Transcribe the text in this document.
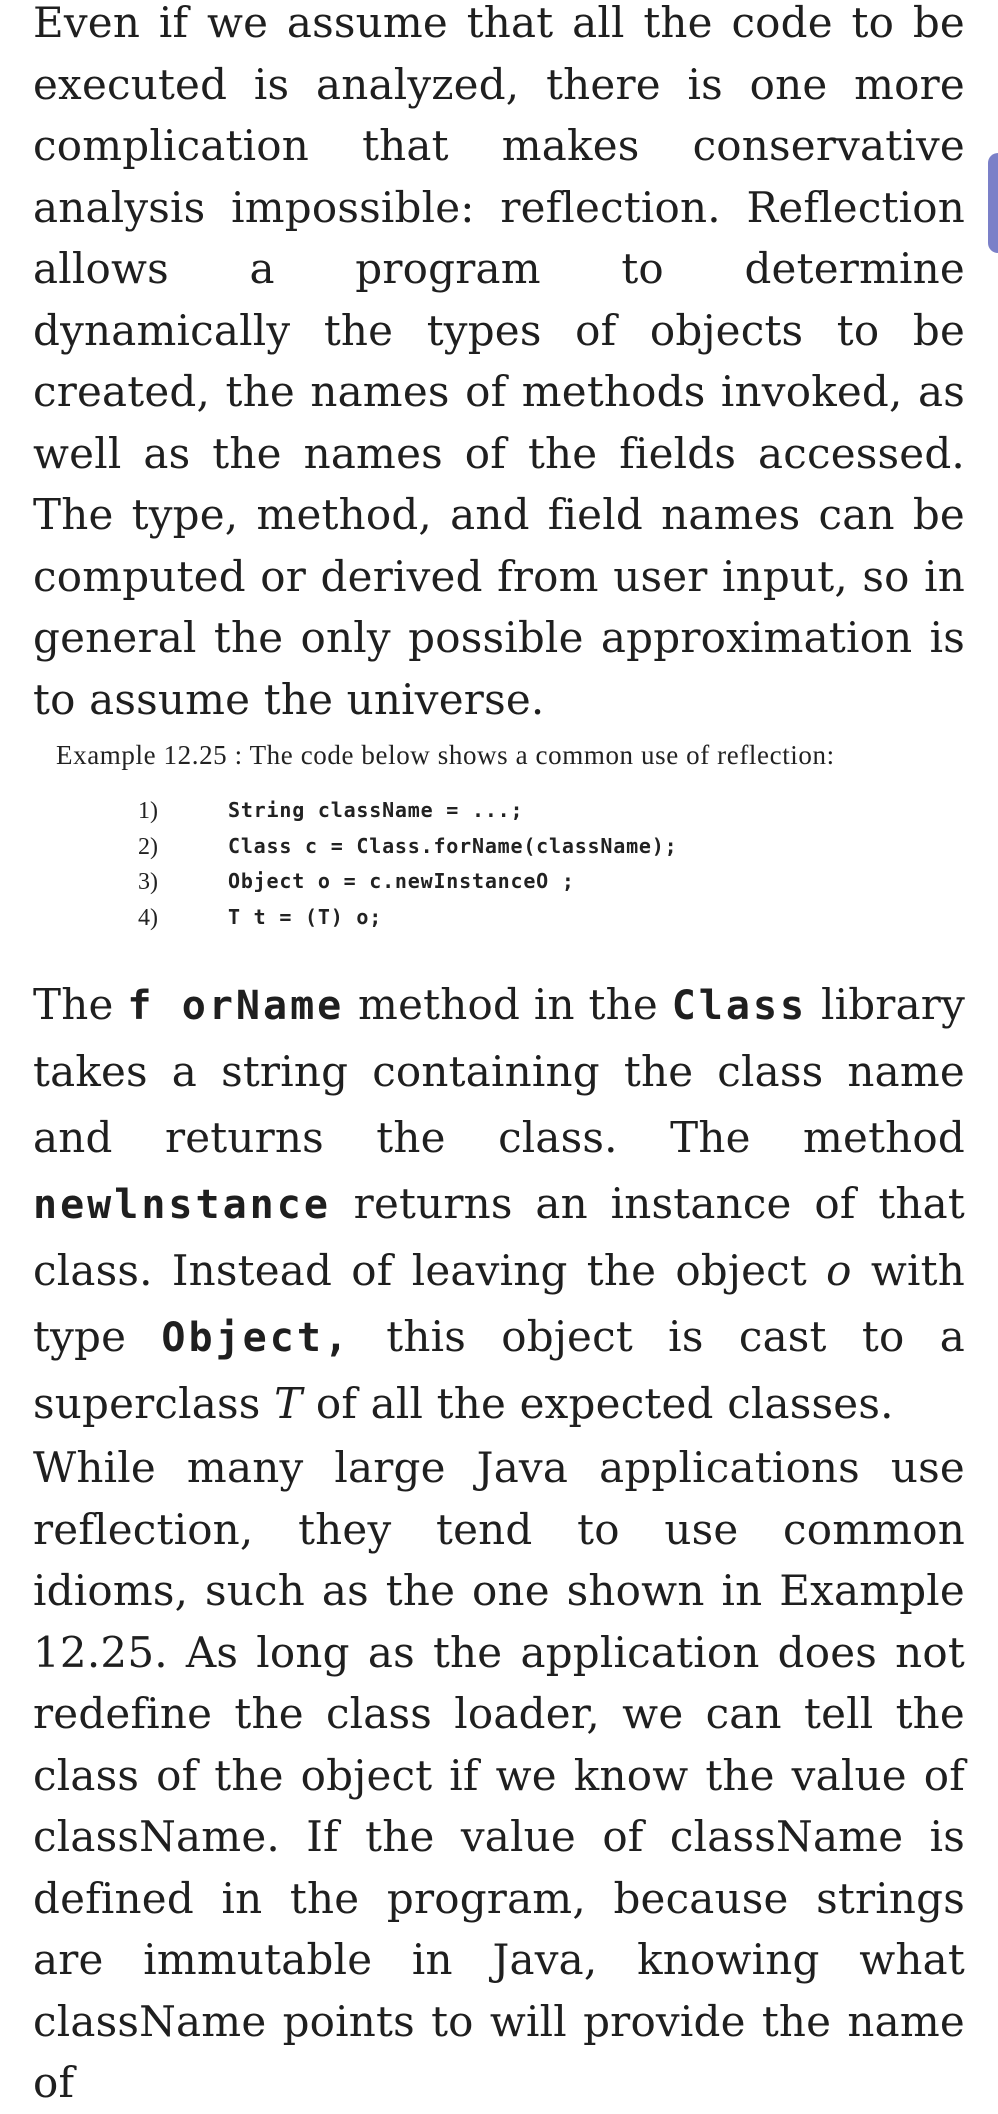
Even if we assume that all the code to be executed is analyzed, there is one more complication that makes conservative analysis impossible: reflection. Reflection allows a program to determine dynamically the types of objects to be created, the names of methods invoked, as well as the names of the fields accessed. The type, method, and field names can be computed or derived from user input, so in general the only possible approximation is to assume the universe.

Example 12.25 : The code below shows a common use of reflection:
1)	String className = ...;
2)	Class c = Class.forName(className);
3)	Object o = c.newInstanceO ;
4)	T t = (T) o;

The f orName method in the Class library takes a string containing the class name and returns the class. The method newlnstance returns an instance of that class. Instead of leaving the object o with type Object, this object is cast to a superclass T of all the expected classes.

While many large Java applications use reflection, they tend to use common idioms, such as the one shown in Example 12.25. As long as the application does not redefine the class loader, we can tell the class of the object if we know the value of className. If the value of className is defined in the program, because strings are immutable in Java, knowing what className points to will provide the name of
